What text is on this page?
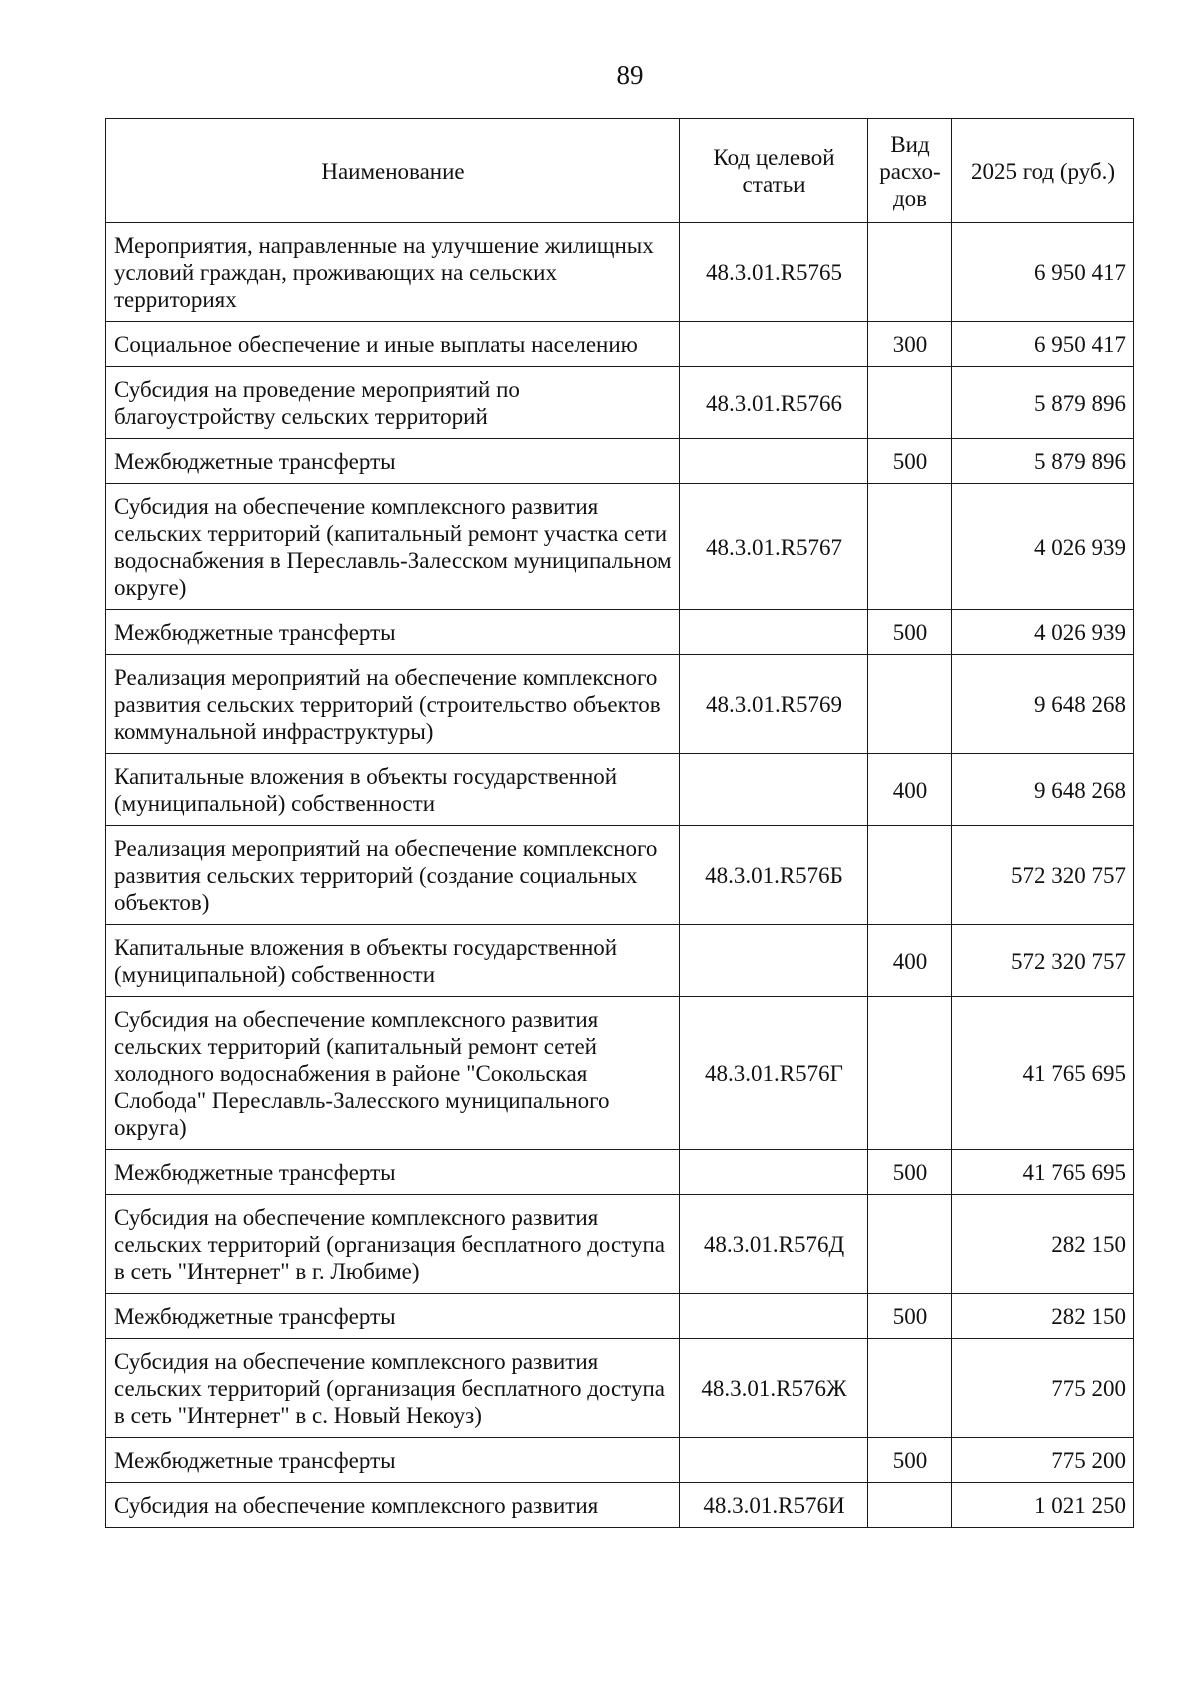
89
Наименование	Код целевой статьи	Вид расхо-дов	2025 год (руб.)
Мероприятия, направленные на улучшение жилищных условий граждан, проживающих на сельских территориях	48.3.01.R5765		6 950 417
Социальное обеспечение и иные выплаты населению		300	6 950 417
Субсидия на проведение мероприятий по благоустройству сельских территорий	48.3.01.R5766		5 879 896
Межбюджетные трансферты		500	5 879 896
Субсидия на обеспечение комплексного развития сельских территорий (капитальный ремонт участка сети водоснабжения в Переславль-Залесском муниципальном округе)	48.3.01.R5767		4 026 939
Межбюджетные трансферты		500	4 026 939
Реализация мероприятий на обеспечение комплексного развития сельских территорий (строительство объектов коммунальной инфраструктуры)	48.3.01.R5769		9 648 268
Капитальные вложения в объекты государственной (муниципальной) собственности		400	9 648 268
Реализация мероприятий на обеспечение комплексного развития сельских территорий (создание социальных объектов)	48.3.01.R576Б		572 320 757
Капитальные вложения в объекты государственной (муниципальной) собственности		400	572 320 757
Субсидия на обеспечение комплексного развития сельских территорий (капитальный ремонт сетей холодного водоснабжения в районе "Сокольская Слобода" Переславль-Залесского муниципального округа)	48.3.01.R576Г		41 765 695
Межбюджетные трансферты		500	41 765 695
Субсидия на обеспечение комплексного развития сельских территорий (организация бесплатного доступа в сеть "Интернет" в г. Любиме)	48.3.01.R576Д		282 150
Межбюджетные трансферты		500	282 150
Субсидия на обеспечение комплексного развития сельских территорий (организация бесплатного доступа в сеть "Интернет" в с. Новый Некоуз)	48.3.01.R576Ж		775 200
Межбюджетные трансферты		500	775 200
Субсидия на обеспечение комплексного развития	48.3.01.R576И		1 021 250
